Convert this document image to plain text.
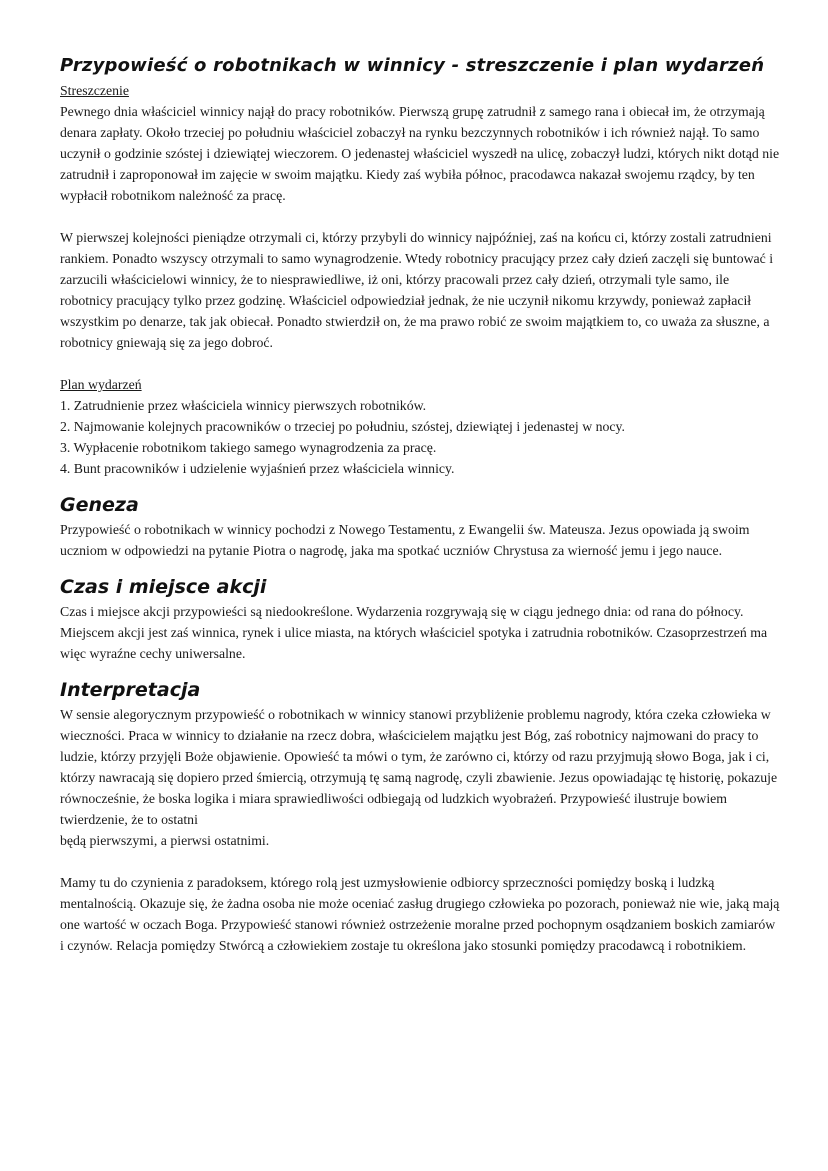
Przypowieść o robotnikach w winnicy - streszczenie i plan wydarzeń

Streszczenie

Pewnego dnia właściciel winnicy najął do pracy robotników. Pierwszą grupę zatrudnił z samego rana i obiecał im, że otrzymają denara zapłaty. Około trzeciej po południu właściciel zobaczył na rynku bezczynnych robotników i ich również najął. To samo uczynił o godzinie szóstej i dziewiątej wieczorem. O jedenastej właściciel wyszedł na ulicę, zobaczył ludzi, których nikt dotąd nie zatrudnił i zaproponował im zajęcie w swoim majątku. Kiedy zaś wybiła północ, pracodawca nakazał swojemu rządcy, by ten wypłacił robotnikom należność za pracę.

W pierwszej kolejności pieniądze otrzymali ci, którzy przybyli do winnicy najpóźniej, zaś na końcu ci, którzy zostali zatrudnieni rankiem. Ponadto wszyscy otrzymali to samo wynagrodzenie. Wtedy robotnicy pracujący przez cały dzień zaczęli się buntować i zarzucili właścicielowi winnicy, że to niesprawiedliwe, iż oni, którzy pracowali przez cały dzień, otrzymali tyle samo, ile robotnicy pracujący tylko przez godzinę. Właściciel odpowiedział jednak, że nie uczynił nikomu krzywdy, ponieważ zapłacił wszystkim po denarze, tak jak obiecał. Ponadto stwierdził on, że ma prawo robić ze swoim majątkiem to, co uważa za słuszne, a robotnicy gniewają się za jego dobroć.

Plan wydarzeń

1. Zatrudnienie przez właściciela winnicy pierwszych robotników.
2. Najmowanie kolejnych pracowników o trzeciej po południu, szóstej, dziewiątej i jedenastej w nocy.
3. Wypłacenie robotnikom takiego samego wynagrodzenia za pracę.
4. Bunt pracowników i udzielenie wyjaśnień przez właściciela winnicy.
Geneza

Przypowieść o robotnikach w winnicy pochodzi z Nowego Testamentu, z Ewangelii św. Mateusza. Jezus opowiada ją swoim uczniom w odpowiedzi na pytanie Piotra o nagrodę, jaka ma spotkać uczniów Chrystusa za wierność jemu i jego nauce.

Czas i miejsce akcji

Czas i miejsce akcji przypowieści są niedookreślone. Wydarzenia rozgrywają się w ciągu jednego dnia: od rana do północy. Miejscem akcji jest zaś winnica, rynek i ulice miasta, na których właściciel spotyka i zatrudnia robotników. Czasoprzestrzeń ma więc wyraźne cechy uniwersalne.

Interpretacja

W sensie alegorycznym przypowieść o robotnikach w winnicy stanowi przybliżenie problemu nagrody, która czeka człowieka w wieczności. Praca w winnicy to działanie na rzecz dobra, właścicielem majątku jest Bóg, zaś robotnicy najmowani do pracy to ludzie, którzy przyjęli Boże objawienie. Opowieść ta mówi o tym, że zarówno ci, którzy od razu przyjmują słowo Boga, jak i ci, którzy nawracają się dopiero przed śmiercią, otrzymują tę samą nagrodę, czyli zbawienie. Jezus opowiadając tę historię, pokazuje równocześnie, że boska logika i miara sprawiedliwości odbiegają od ludzkich wyobrażeń. Przypowieść ilustruje bowiem twierdzenie, że to ostatni
będą pierwszymi, a pierwsi ostatnimi.

Mamy tu do czynienia z paradoksem, którego rolą jest uzmysłowienie odbiorcy sprzeczności pomiędzy boską i ludzką mentalnością. Okazuje się, że żadna osoba nie może oceniać zasług drugiego człowieka po pozorach, ponieważ nie wie, jaką mają one wartość w oczach Boga. Przypowieść stanowi również ostrzeżenie moralne przed pochopnym osądzaniem boskich zamiarów i czynów. Relacja pomiędzy Stwórcą a człowiekiem zostaje tu określona jako stosunki pomiędzy pracodawcą i robotnikiem.
